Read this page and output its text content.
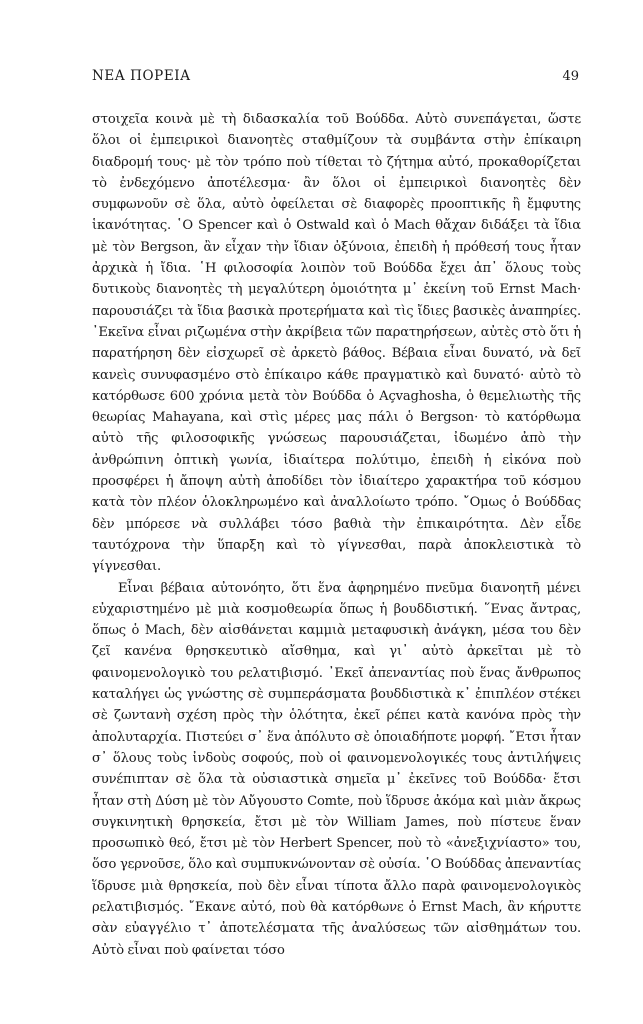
ΝΕΑ ΠΟΡΕΙΑ	49

στοιχεῖα κοινὰ μὲ τὴ διδασκαλία τοῦ Βούδδα. Αὐτὸ συνεπάγεται, ὥστε ὅλοι οἱ ἐμπειρικοὶ διανοητὲς σταθμίζουν τὰ συμβάντα στὴν ἐπίκαιρη διαδρομή τους· μὲ τὸν τρόπο ποὺ τίθεται τὸ ζήτημα αὐτό, προκαθορίζεται τὸ ἐνδεχόμενο ἀποτέλεσμα· ἂν ὅλοι οἱ ἐμπειρικοὶ διανοητὲς δὲν συμφωνοῦν σὲ ὅλα, αὐτὸ ὀφείλεται σὲ διαφορὲς προοπτικῆς ἢ ἔμφυτης ἱκανότητας. ῾Ο Spencer καὶ ὁ Ostwald καὶ ὁ Mach θἄχαν διδάξει τὰ ἴδια μὲ τὸν Bergson, ἂν εἶχαν τὴν ἴδιαν ὀξύνοια, ἐπειδὴ ἡ πρόθεσή τους ἦταν ἀρχικὰ ἡ ἴδια. ῾Η φιλοσοφία λοιπὸν τοῦ Βούδδα ἔχει ἀπ᾽ ὅλους τοὺς δυτικοὺς διανοητὲς τὴ μεγαλύτερη ὁμοιότητα μ᾽ ἐκείνη τοῦ Ernst Mach· παρουσιάζει τὰ ἴδια βασικὰ προτερήματα καὶ τὶς ἴδιες βασικὲς ἀναπηρίες. ᾽Εκεῖνα εἶναι ριζωμένα στὴν ἀκρίβεια τῶν παρατηρήσεων, αὐτὲς στὸ ὅτι ἡ παρατήρηση δὲν εἰσχωρεῖ σὲ ἀρκετὸ βάθος. Βέβαια εἶναι δυνατό, νὰ δεῖ κανεὶς συνυφασμένο στὸ ἐπίκαιρο κάθε πραγματικὸ καὶ δυνατό· αὐτὸ τὸ κατόρθωσε 600 χρόνια μετὰ τὸν Βούδδα ὁ Açvaghosha, ὁ θεμελιωτὴς τῆς θεωρίας Mahayana, καὶ στὶς μέρες μας πάλι ὁ Bergson· τὸ κατόρθωμα αὐτὸ τῆς φιλοσοφικῆς γνώσεως παρουσιάζεται, ἰδωμένο ἀπὸ τὴν ἀνθρώπινη ὀπτικὴ γωνία, ἰδιαίτερα πολύτιμο, ἐπειδὴ ἡ εἰκόνα ποὺ προσφέρει ἡ ἄποψη αὐτὴ ἀποδίδει τὸν ἰδιαίτερο χαρακτήρα τοῦ κόσμου κατὰ τὸν πλέον ὁλοκληρωμένο καὶ ἀναλλοίωτο τρόπο. ῎Ομως ὁ Βούδδας δὲν μπόρεσε νὰ συλλάβει τόσο βαθιὰ τὴν ἐπικαιρότητα. Δὲν εἶδε ταυτόχρονα τὴν ὕπαρξη καὶ τὸ γίγνεσθαι, παρὰ ἀποκλειστικὰ τὸ γίγνεσθαι.

Εἶναι βέβαια αὐτονόητο, ὅτι ἕνα ἀφηρημένο πνεῦμα διανοητῆ μένει εὐχαριστημένο μὲ μιὰ κοσμοθεωρία ὅπως ἡ βουδδιστική. ῞Ενας ἄντρας, ὅπως ὁ Mach, δὲν αἰσθάνεται καμμιὰ μεταφυσικὴ ἀνάγκη, μέσα του δὲν ζεῖ κανένα θρησκευτικὸ αἴσθημα, καὶ γι᾽ αὐτὸ ἀρκεῖται μὲ τὸ φαινομενολογικὸ του ρελατιβισμό. ᾽Εκεῖ ἀπεναντίας ποὺ ἕνας ἄνθρωπος καταλήγει ὡς γνώστης σὲ συμπεράσματα βουδδιστικὰ κ᾽ ἐπιπλέον στέκει σὲ ζωντανὴ σχέση πρὸς τὴν ὁλότητα, ἐκεῖ ρέπει κατὰ κανόνα πρὸς τὴν ἀπολυταρχία. Πιστεύει σ᾽ ἕνα ἀπόλυτο σὲ ὁποιαδήποτε μορφή. ῎Ετσι ἦταν σ᾽ ὅλους τοὺς ἰνδοὺς σοφούς, ποὺ οἱ φαινομενολογικές τους ἀντιλήψεις συνέπιπταν σὲ ὅλα τὰ οὐσιαστικὰ σημεῖα μ᾽ ἐκεῖνες τοῦ Βούδδα· ἔτσι ἦταν στὴ Δύση μὲ τὸν Αὔγουστο Comte, ποὺ ἵδρυσε ἀκόμα καὶ μιὰν ἄκρως συγκινητικὴ θρησκεία, ἔτσι μὲ τὸν William James, ποὺ πίστευε ἕναν προσωπικὸ θεό, ἔτσι μὲ τὸν Herbert Spencer, ποὺ τὸ «ἀνεξιχνίαστο» του, ὅσο γερνοῦσε, ὅλο καὶ συμπυκνώνονταν σὲ οὐσία. ῾Ο Βούδδας ἀπεναντίας ἵδρυσε μιὰ θρησκεία, ποὺ δὲν εἶναι τίποτα ἄλλο παρὰ φαινομενολογικὸς ρελατιβισμός. ῎Εκανε αὐτό, ποὺ θὰ κατόρθωνε ὁ Ernst Mach, ἂν κήρυττε σὰν εὐαγγέλιο τ᾽ ἀποτελέσματα τῆς ἀναλύσεως τῶν αἰσθημάτων του. Αὐτὸ εἶναι ποὺ φαίνεται τόσο
